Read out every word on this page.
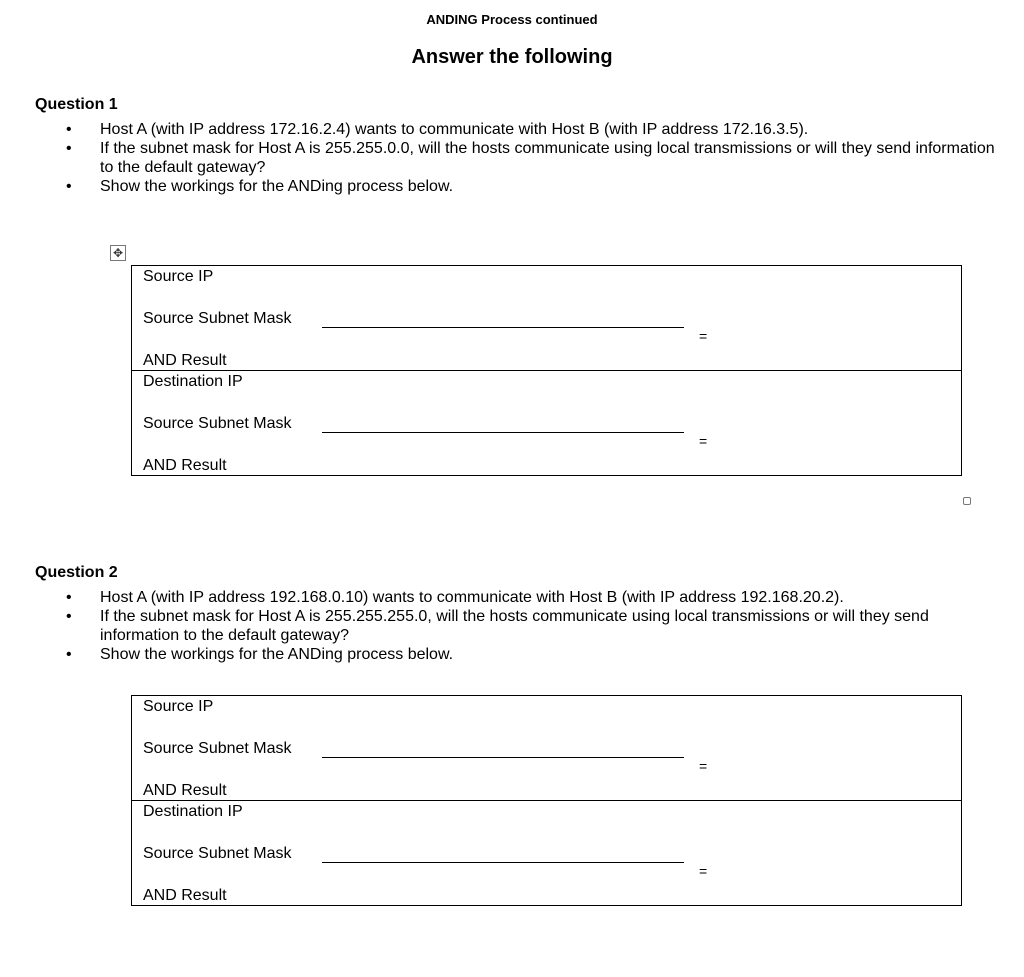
ANDING Process continued
Answer the following
Question 1
• Host A (with IP address 172.16.2.4) wants to communicate with Host B (with IP address 172.16.3.5).
• If the subnet mask for Host A is 255.255.0.0, will the hosts communicate using local transmissions or will they send information to the default gateway?
• Show the workings for the ANDing process below.
✥
Source IP
Source Subnet Mask
=
AND Result
Destination IP
Source Subnet Mask
=
AND Result
Question 2
• Host A (with IP address 192.168.0.10) wants to communicate with Host B (with IP address 192.168.20.2).
• If the subnet mask for Host A is 255.255.255.0, will the hosts communicate using local transmissions or will they send information to the default gateway?
• Show the workings for the ANDing process below.
Source IP
Source Subnet Mask
=
AND Result
Destination IP
Source Subnet Mask
=
AND Result
